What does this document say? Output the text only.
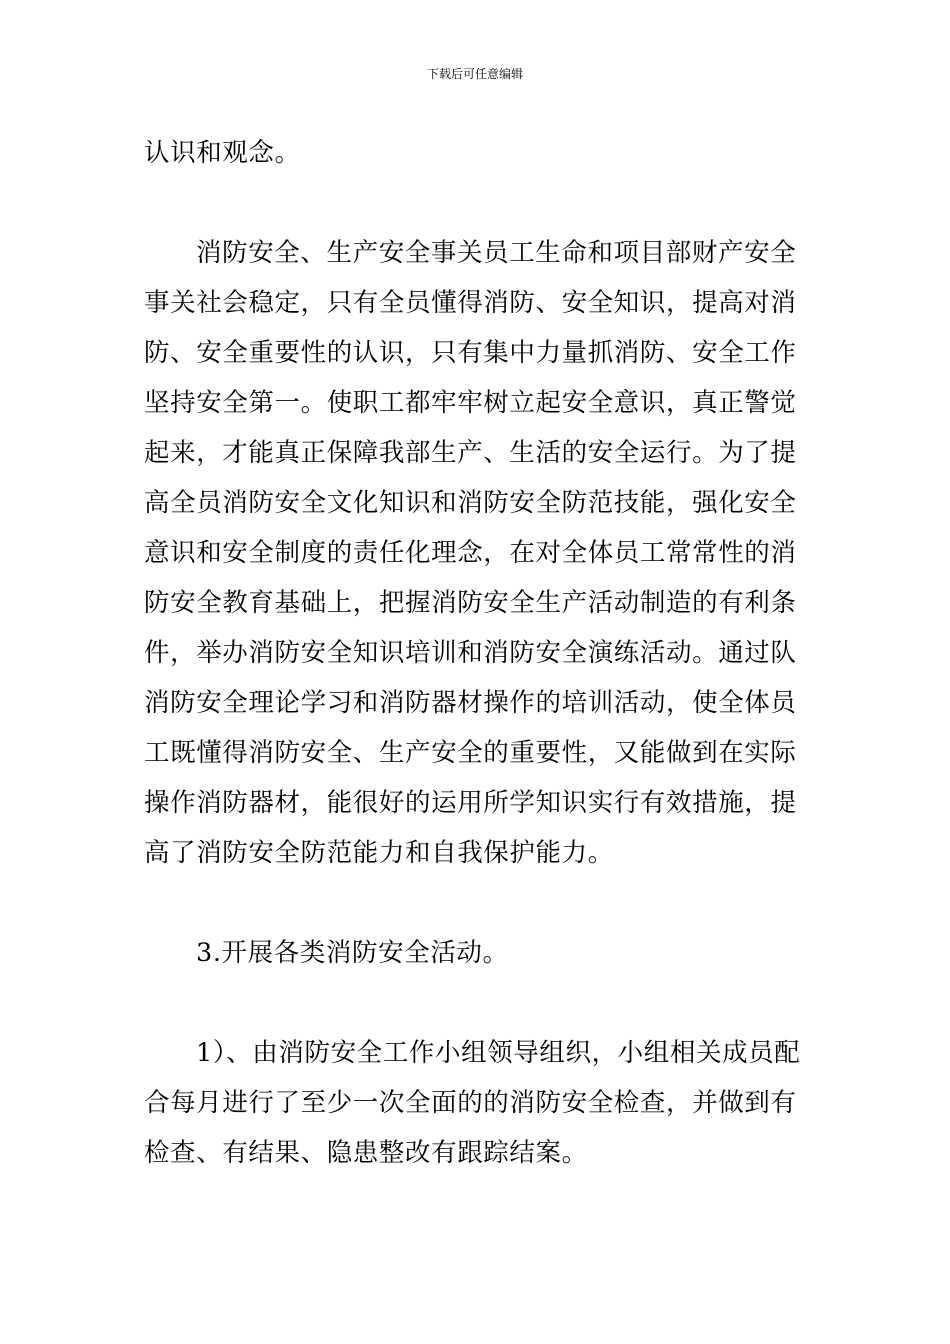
下载后可任意编辑
认识和观念。
消防安全、生产安全事关员工生命和项目部财产安全
事关社会稳定，只有全员懂得消防、安全知识，提高对消
防、安全重要性的认识，只有集中力量抓消防、安全工作
坚持安全第一。使职工都牢牢树立起安全意识，真正警觉
起来，才能真正保障我部生产、生活的安全运行。为了提
高全员消防安全文化知识和消防安全防范技能，强化安全
意识和安全制度的责任化理念，在对全体员工常常性的消
防安全教育基础上，把握消防安全生产活动制造的有利条
件，举办消防安全知识培训和消防安全演练活动。通过队
消防安全理论学习和消防器材操作的培训活动，使全体员
工既懂得消防安全、生产安全的重要性，又能做到在实际
操作消防器材，能很好的运用所学知识实行有效措施，提
高了消防安全防范能力和自我保护能力。
3.开展各类消防安全活动。
1）、由消防安全工作小组领导组织，小组相关成员配
合每月进行了至少一次全面的的消防安全检查，并做到有
检查、有结果、隐患整改有跟踪结案。
